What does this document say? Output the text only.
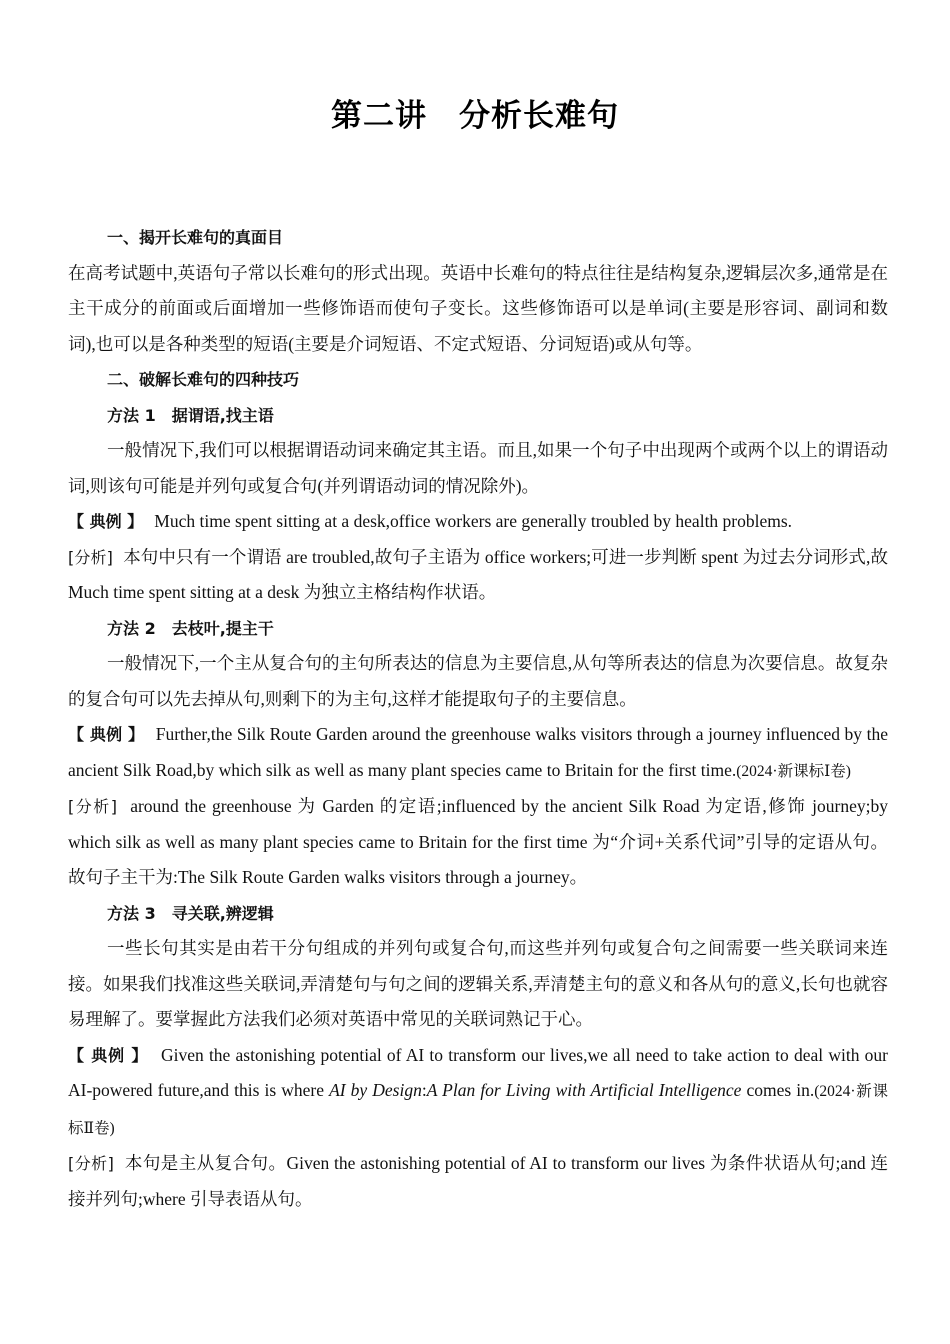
第二讲　分析长难句
一、揭开长难句的真面目
在高考试题中,英语句子常以长难句的形式出现。英语中长难句的特点往往是结构复杂,逻辑层次多,通常是在主干成分的前面或后面增加一些修饰语而使句子变长。这些修饰语可以是单词(主要是形容词、副词和数词),也可以是各种类型的短语(主要是介词短语、不定式短语、分词短语)或从句等。
二、破解长难句的四种技巧
方法 1　据谓语,找主语
一般情况下,我们可以根据谓语动词来确定其主语。而且,如果一个句子中出现两个或两个以上的谓语动词,则该句可能是并列句或复合句(并列谓语动词的情况除外)。
【 典例 】  Much time spent sitting at a desk,office workers are generally troubled by health problems.
[分析]  本句中只有一个谓语 are troubled,故句子主语为 office workers;可进一步判断 spent 为过去分词形式,故 Much time spent sitting at a desk 为独立主格结构作状语。
方法 2　去枝叶,提主干
一般情况下,一个主从复合句的主句所表达的信息为主要信息,从句等所表达的信息为次要信息。故复杂的复合句可以先去掉从句,则剩下的为主句,这样才能提取句子的主要信息。
【 典例 】  Further,the Silk Route Garden around the greenhouse walks visitors through a journey influenced by the ancient Silk Road,by which silk as well as many plant species came to Britain for the first time.(2024·新课标Ⅰ卷)
[分析]  around the greenhouse 为 Garden 的定语;influenced by the ancient Silk Road 为定语,修饰 journey;by which silk as well as many plant species came to Britain for the first time 为“介词+关系代词”引导的定语从句。故句子主干为:The Silk Route Garden walks visitors through a journey。
方法 3　寻关联,辨逻辑
一些长句其实是由若干分句组成的并列句或复合句,而这些并列句或复合句之间需要一些关联词来连接。如果我们找准这些关联词,弄清楚句与句之间的逻辑关系,弄清楚主句的意义和各从句的意义,长句也就容易理解了。要掌握此方法我们必须对英语中常见的关联词熟记于心。
【 典例 】  Given the astonishing potential of AI to transform our lives,we all need to take action to deal with our AI-powered future,and this is where AI by Design:A Plan for Living with Artificial Intelligence comes in.(2024·新课标Ⅱ卷)
[分析]  本句是主从复合句。Given the astonishing potential of AI to transform our lives 为条件状语从句;and 连接并列句;where 引导表语从句。
